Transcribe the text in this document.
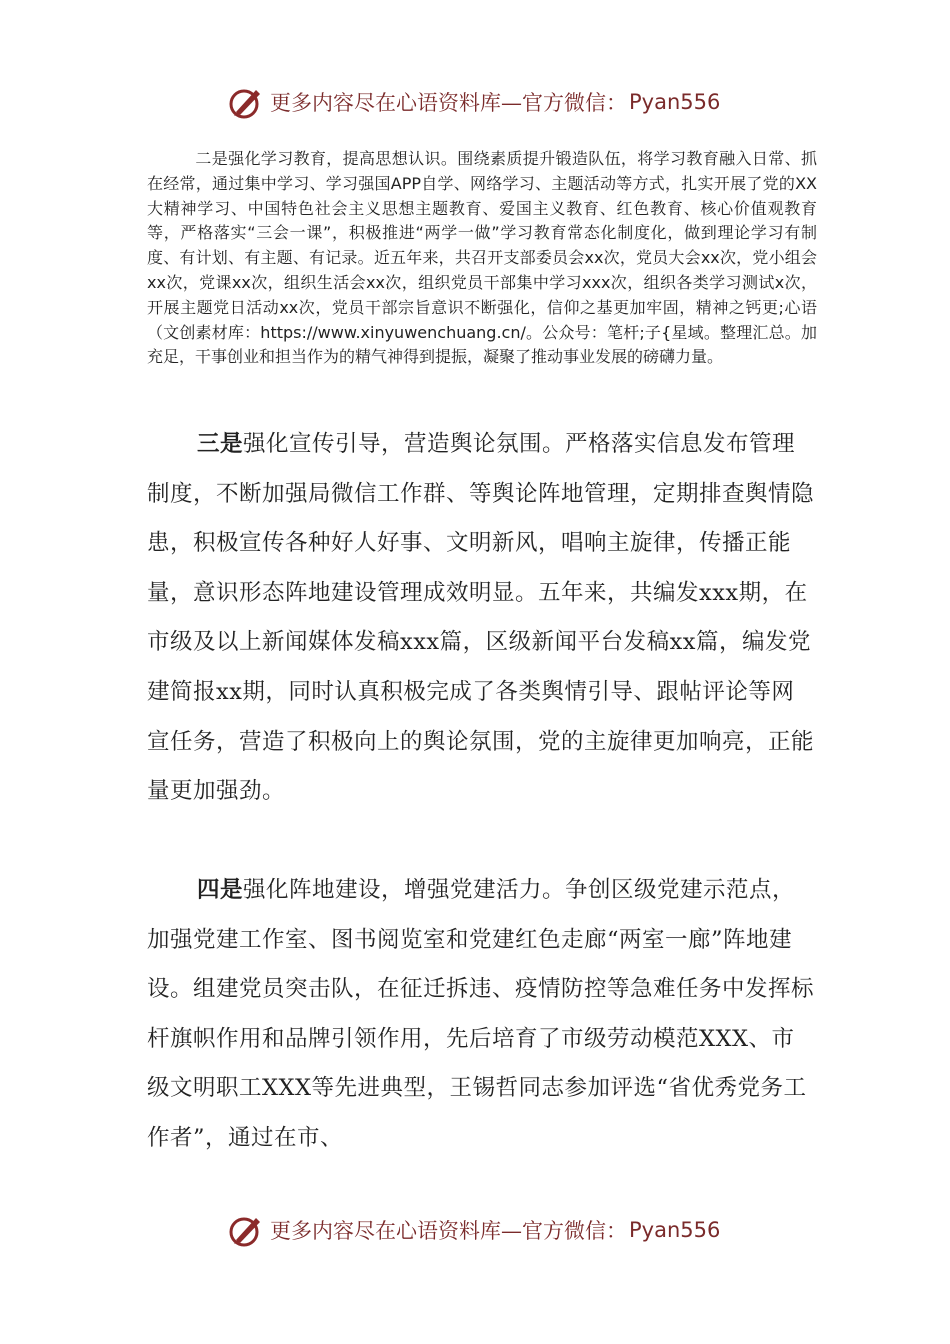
更多内容尽在心语资料库—官方微信： Pyan556
二是强化学习教育，提高思想认识。围绕素质提升锻造队伍，将学习教育融入日常、抓在经常，通过集中学习、学习强国APP自学、网络学习、主题活动等方式，扎实开展了党的XX大精神学习、中国特色社会主义思想主题教育、爱国主义教育、红色教育、核心价值观教育等，严格落实“三会一课”，积极推进“两学一做”学习教育常态化制度化，做到理论学习有制度、有计划、有主题、有记录。近五年来，共召开支部委员会xx次，党员大会xx次，党小组会xx次，党课xx次，组织生活会xx次，组织党员干部集中学习xxx次，组织各类学习测试x次，开展主题党日活动xx次，党员干部宗旨意识不断强化，信仰之基更加牢固，精神之钙更;心语（文创素材库：https://www.xinyuwenchuang.cn/。公众号：笔杆;子{星域。整理汇总。加充足，干事创业和担当作为的精气神得到提振，凝聚了推动事业发展的磅礴力量。
三是强化宣传引导，营造舆论氛围。严格落实信息发布管理制度，不断加强局微信工作群、等舆论阵地管理，定期排查舆情隐患，积极宣传各种好人好事、文明新风，唱响主旋律，传播正能量，意识形态阵地建设管理成效明显。五年来，共编发xxx期，在市级及以上新闻媒体发稿xxx篇，区级新闻平台发稿xx篇，编发党建简报xx期，同时认真积极完成了各类舆情引导、跟帖评论等网宣任务，营造了积极向上的舆论氛围，党的主旋律更加响亮，正能量更加强劲。
四是强化阵地建设，增强党建活力。争创区级党建示范点，加强党建工作室、图书阅览室和党建红色走廊“两室一廊”阵地建设。组建党员突击队，在征迁拆违、疫情防控等急难任务中发挥标杆旗帜作用和品牌引领作用，先后培育了市级劳动模范XXX、市级文明职工XXX等先进典型，王锡哲同志参加评选“省优秀党务工作者”，通过在市、
更多内容尽在心语资料库—官方微信： Pyan556
